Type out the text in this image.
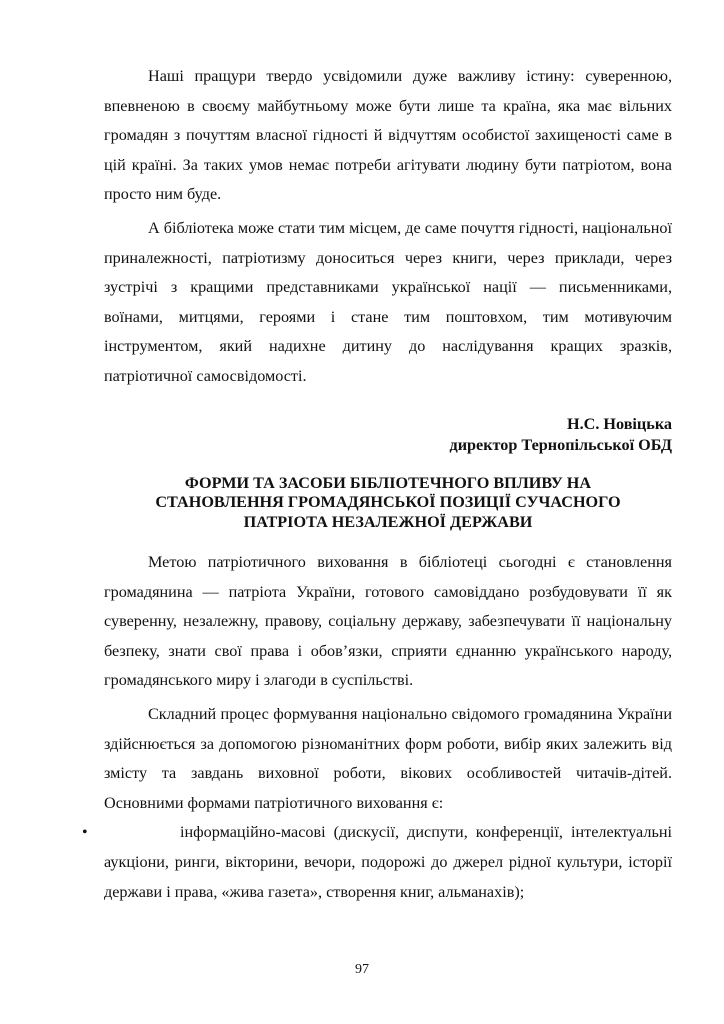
Наші пращури твердо усвідомили дуже важливу істину: суверенною, впевненою в своєму майбутньому може бути лише та країна, яка має вільних громадян з почуттям власної гідності й відчуттям особистої захищеності саме в цій країні. За таких умов немає потреби агітувати людину бути патріотом, вона просто ним буде.

А бібліотека може стати тим місцем, де саме почуття гідності, національної приналежності, патріотизму доноситься через книги, через приклади, через зустрічі з кращими представниками української нації — письменниками, воїнами, митцями, героями і стане тим поштовхом, тим мотивуючим інструментом, який надихне дитину до наслідування кращих зразків, патріотичної самосвідомості.

Н.С. Новіцька
директор Тернопільської ОБД
ФОРМИ ТА ЗАСОБИ БІБЛІОТЕЧНОГО ВПЛИВУ НА СТАНОВЛЕННЯ ГРОМАДЯНСЬКОЇ ПОЗИЦІЇ СУЧАСНОГО ПАТРІОТА НЕЗАЛЕЖНОЇ ДЕРЖАВИ

Метою патріотичного виховання в бібліотеці сьогодні є становлення громадянина — патріота України, готового самовіддано розбудовувати її як суверенну, незалежну, правову, соціальну державу, забезпечувати її національну безпеку, знати свої права і обов’язки, сприяти єднанню українського народу, громадянського миру і злагоди в суспільстві.

Складний процес формування національно свідомого громадянина України здійснюється за допомогою різноманітних форм роботи, вибір яких залежить від змісту та завдань виховної роботи, вікових особливостей читачів-дітей. Основними формами патріотичного виховання є:

•	інформаційно-масові (дискусії, диспути, конференції, інтелектуальні аукціони, ринги, вікторини, вечори, подорожі до джерел рідної культури, історії держави і права, «жива газета», створення книг, альманахів);

97
